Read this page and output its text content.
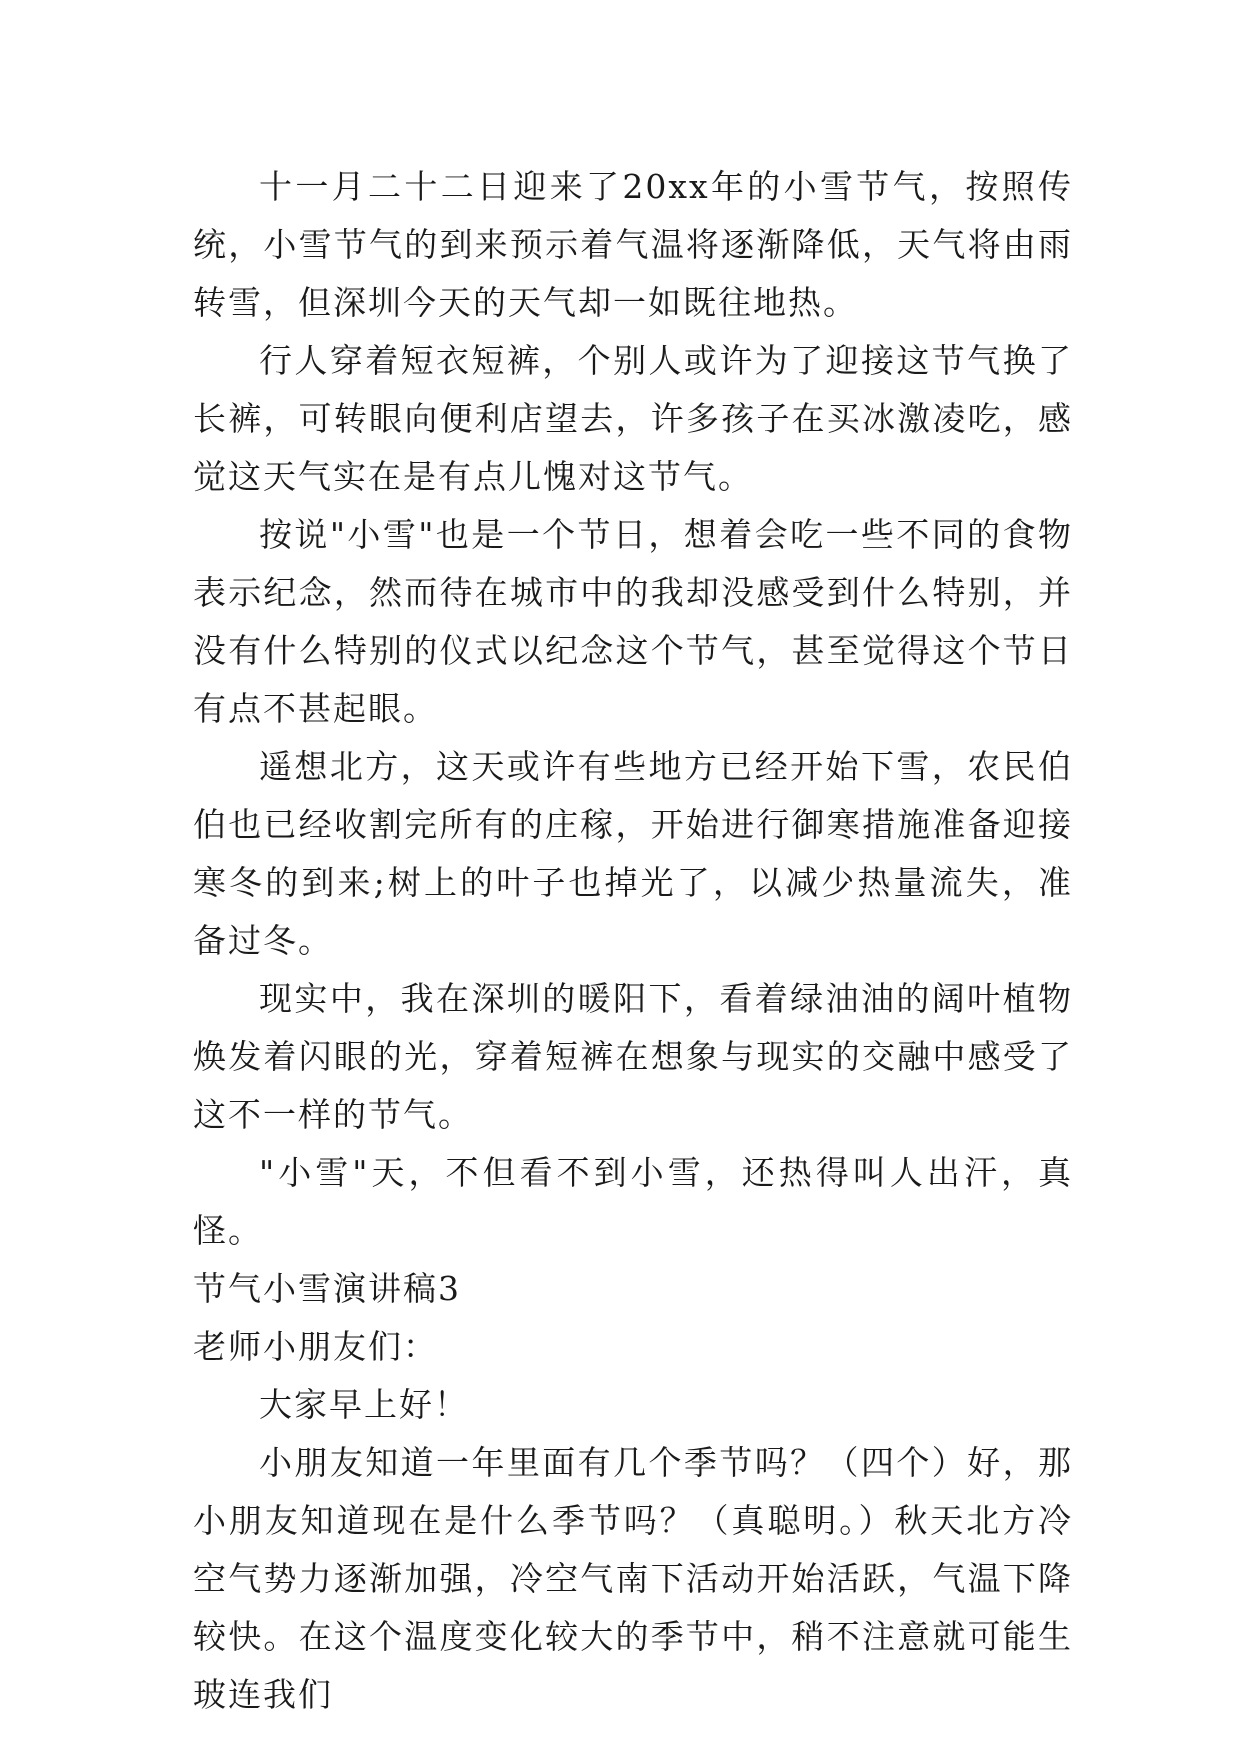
十一月二十二日迎来了20xx年的小雪节气，按照传统，小雪节气的到来预示着气温将逐渐降低，天气将由雨转雪，但深圳今天的天气却一如既往地热。

行人穿着短衣短裤，个别人或许为了迎接这节气换了长裤，可转眼向便利店望去，许多孩子在买冰激凌吃，感觉这天气实在是有点儿愧对这节气。

按说"小雪"也是一个节日，想着会吃一些不同的食物表示纪念，然而待在城市中的我却没感受到什么特别，并没有什么特别的仪式以纪念这个节气，甚至觉得这个节日有点不甚起眼。

遥想北方，这天或许有些地方已经开始下雪，农民伯伯也已经收割完所有的庄稼，开始进行御寒措施准备迎接寒冬的到来;树上的叶子也掉光了，以减少热量流失，准备过冬。

现实中，我在深圳的暖阳下，看着绿油油的阔叶植物焕发着闪眼的光，穿着短裤在想象与现实的交融中感受了这不一样的节气。

"小雪"天，不但看不到小雪，还热得叫人出汗，真怪。

节气小雪演讲稿3

老师小朋友们：

大家早上好！

小朋友知道一年里面有几个季节吗？（四个）好，那小朋友知道现在是什么季节吗？（真聪明。）秋天北方冷空气势力逐渐加强，冷空气南下活动开始活跃，气温下降较快。在这个温度变化较大的季节中，稍不注意就可能生玻连我们
